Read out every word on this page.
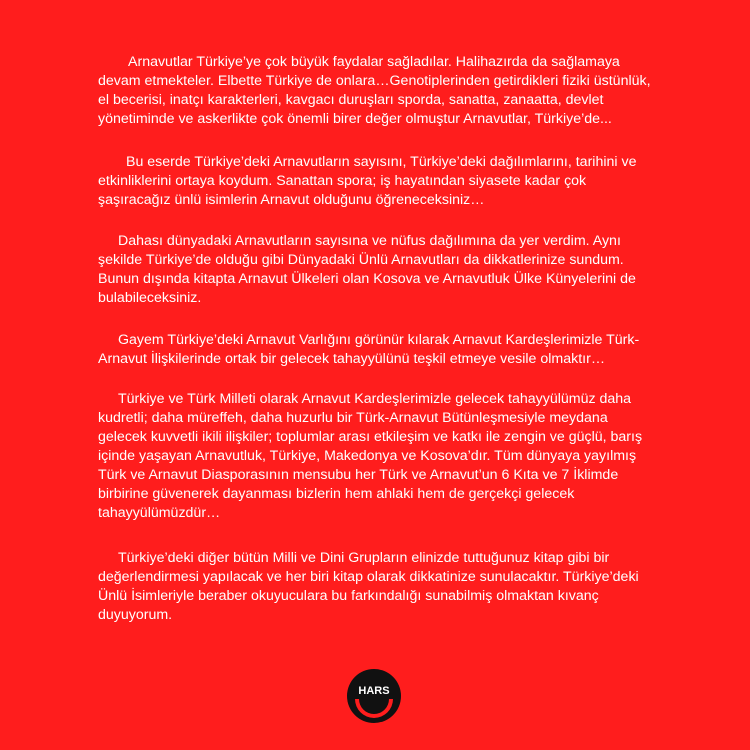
Arnavutlar Türkiye’ye çok büyük faydalar sağladılar. Halihazırda da sağlamaya
devam etmekteler. Elbette Türkiye de onlara…Genotiplerinden getirdikleri fiziki üstünlük,
el becerisi, inatçı karakterleri, kavgacı duruşları sporda, sanatta, zanaatta, devlet
yönetiminde ve askerlikte çok önemli birer değer olmuştur Arnavutlar, Türkiye’de...
Bu eserde Türkiye’deki Arnavutların sayısını, Türkiye’deki dağılımlarını, tarihini ve
etkinliklerini ortaya koydum. Sanattan spora; iş hayatından siyasete kadar çok
şaşıracağız ünlü isimlerin Arnavut olduğunu öğreneceksiniz…
Dahası dünyadaki Arnavutların sayısına ve nüfus dağılımına da yer verdim. Aynı
şekilde Türkiye’de olduğu gibi Dünyadaki Ünlü Arnavutları da dikkatlerinize sundum.
Bunun dışında kitapta Arnavut Ülkeleri olan Kosova ve Arnavutluk Ülke Künyelerini de
bulabileceksiniz.
Gayem Türkiye’deki Arnavut Varlığını görünür kılarak Arnavut Kardeşlerimizle Türk-
Arnavut İlişkilerinde ortak bir gelecek tahayyülünü teşkil etmeye vesile olmaktır…
Türkiye ve Türk Milleti olarak Arnavut Kardeşlerimizle gelecek tahayyülümüz daha
kudretli; daha müreffeh, daha huzurlu bir Türk-Arnavut Bütünleşmesiyle meydana
gelecek kuvvetli ikili ilişkiler; toplumlar arası etkileşim ve katkı ile zengin ve güçlü, barış
içinde yaşayan Arnavutluk, Türkiye, Makedonya ve Kosova’dır. Tüm dünyaya yayılmış
Türk ve Arnavut Diasporasının mensubu her Türk ve Arnavut’un 6 Kıta ve 7 İklimde
birbirine güvenerek dayanması bizlerin hem ahlaki hem de gerçekçi gelecek
tahayyülümüzdür…
Türkiye’deki diğer bütün Milli ve Dini Grupların elinizde tuttuğunuz kitap gibi bir
değerlendirmesi yapılacak ve her biri kitap olarak dikkatinize sunulacaktır. Türkiye’deki
Ünlü İsimleriyle beraber okuyuculara bu farkındalığı sunabilmiş olmaktan kıvanç
duyuyorum.
HARS
